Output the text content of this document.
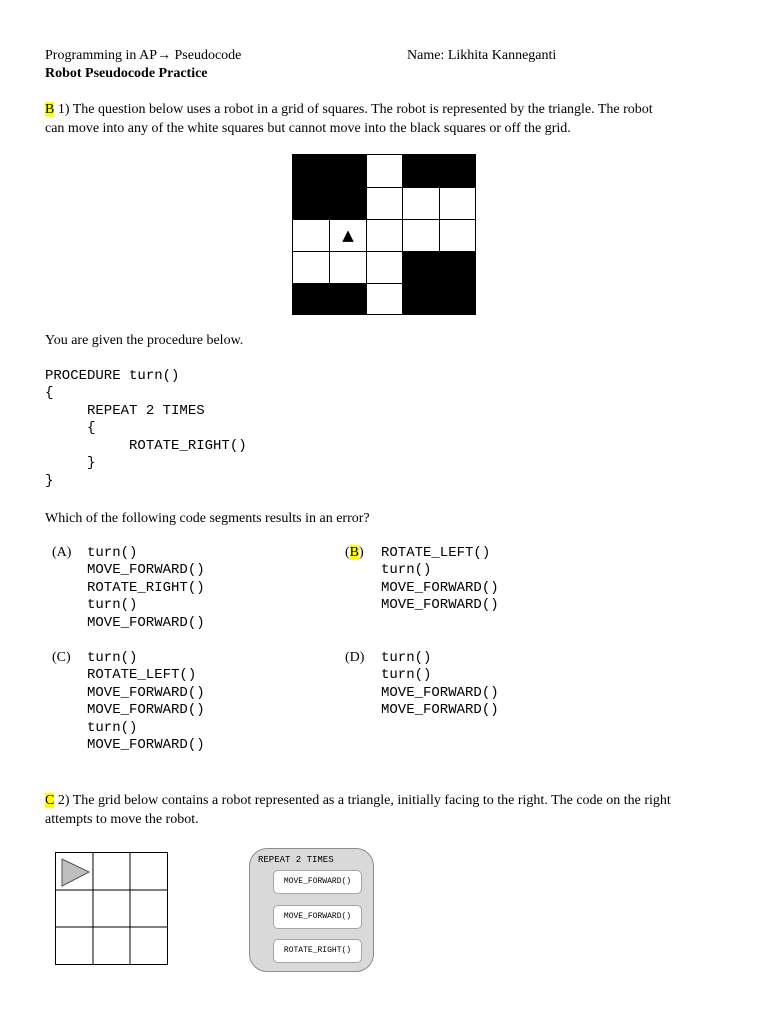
Programming in AP→ Pseudocode	Name: Likhita Kanneganti
Robot Pseudocode Practice
B 1) The question below uses a robot in a grid of squares. The robot is represented by the triangle. The robot
can move into any of the white squares but cannot move into the black squares or off the grid.
▲
You are given the procedure below.
PROCEDURE turn()
{
REPEAT 2 TIMES
{
ROTATE_RIGHT()
}
}
Which of the following code segments results in an error?
(A) turn()
MOVE_FORWARD()
ROTATE_RIGHT()
turn()
MOVE_FORWARD()
(B) ROTATE_LEFT()
turn()
MOVE_FORWARD()
MOVE_FORWARD()
(C) turn()
ROTATE_LEFT()
MOVE_FORWARD()
MOVE_FORWARD()
turn()
MOVE_FORWARD()
(D) turn()
turn()
MOVE_FORWARD()
MOVE_FORWARD()
C 2) The grid below contains a robot represented as a triangle, initially facing to the right. The code on the right
attempts to move the robot.
REPEAT 2 TIMES
MOVE_FORWARD()
MOVE_FORWARD()
ROTATE_RIGHT()
